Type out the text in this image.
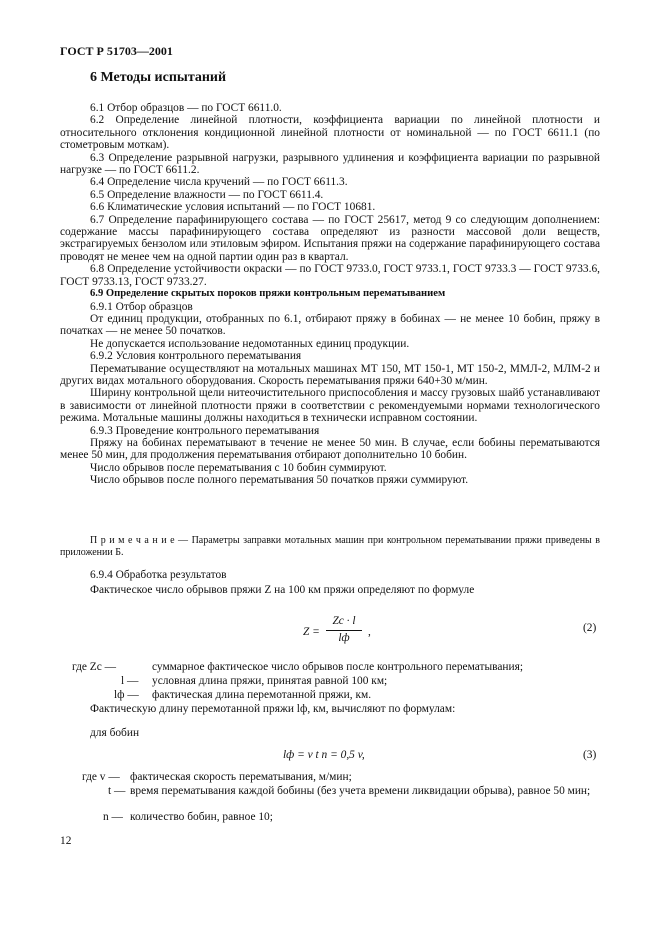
ГОСТ Р 51703—2001
6 Методы испытаний

6.1 Отбор образцов — по ГОСТ 6611.0.

6.2 Определение линейной плотности, коэффициента вариации по линейной плотности и относительного отклонения кондиционной линейной плотности от номинальной — по ГОСТ 6611.1 (по стометровым моткам).

6.3 Определение разрывной нагрузки, разрывного удлинения и коэффициента вариации по разрывной нагрузке — по ГОСТ 6611.2.

6.4 Определение числа кручений — по ГОСТ 6611.3.

6.5 Определение влажности — по ГОСТ 6611.4.

6.6 Климатические условия испытаний — по ГОСТ 10681.

6.7 Определение парафинирующего состава — по ГОСТ 25617, метод 9 со следующим дополнением: содержание массы парафинирующего состава определяют из разности массовой доли веществ, экстрагируемых бензолом или этиловым эфиром. Испытания пряжи на содержание парафинирующего состава проводят не менее чем на одной партии один раз в квартал.

6.8 Определение устойчивости окраски — по ГОСТ 9733.0, ГОСТ 9733.1, ГОСТ 9733.3 — ГОСТ 9733.6, ГОСТ 9733.13, ГОСТ 9733.27.

6.9 Определение скрытых пороков пряжи контрольным перематыванием

6.9.1 Отбор образцов

От единиц продукции, отобранных по 6.1, отбирают пряжу в бобинах — не менее 10 бобин, пряжу в початках — не менее 50 початков.

Не допускается использование недомотанных единиц продукции.

6.9.2 Условия контрольного перематывания

Перематывание осуществляют на мотальных машинах МТ 150, МТ 150-1, МТ 150-2, ММЛ-2, МЛМ-2 и других видах мотального оборудования. Скорость перематывания пряжи 640+30 м/мин.

Ширину контрольной щели нитеочистительного приспособления и массу грузовых шайб устанавливают в зависимости от линейной плотности пряжи в соответствии с рекомендуемыми нормами технологического режима. Мотальные машины должны находиться в технически исправном состоянии.

6.9.3 Проведение контрольного перематывания

Пряжу на бобинах перематывают в течение не менее 50 мин. В случае, если бобины перематываются менее 50 мин, для продолжения перематывания отбирают дополнительно 10 бобин.

Число обрывов после перематывания с 10 бобин суммируют.

Число обрывов после полного перематывания 50 початков пряжи суммируют.

П р и м е ч а н и е — Параметры заправки мотальных машин при контрольном перематывании пряжи приведены в приложении Б.
6.9.4 Обработка результатов
Фактическое число обрывов пряжи Z на 100 км пряжи определяют по формуле
Z =
Zc · l
lф	,	(2)
где Zc —	суммарное фактическое число обрывов после контрольного перематывания;
l — условная длина пряжи, принятая равной 100 км;
lф — фактическая длина перемотанной пряжи, км.
Фактическую длину перемотанной пряжи lф, км, вычисляют по формулам:
для бобин
lф = v t n = 0,5 v,	(3)
где v — фактическая скорость перематывания, м/мин;
t — время перематывания каждой бобины (без учета времени ликвидации обрыва), равное 50 мин;
n — количество бобин, равное 10;
12
